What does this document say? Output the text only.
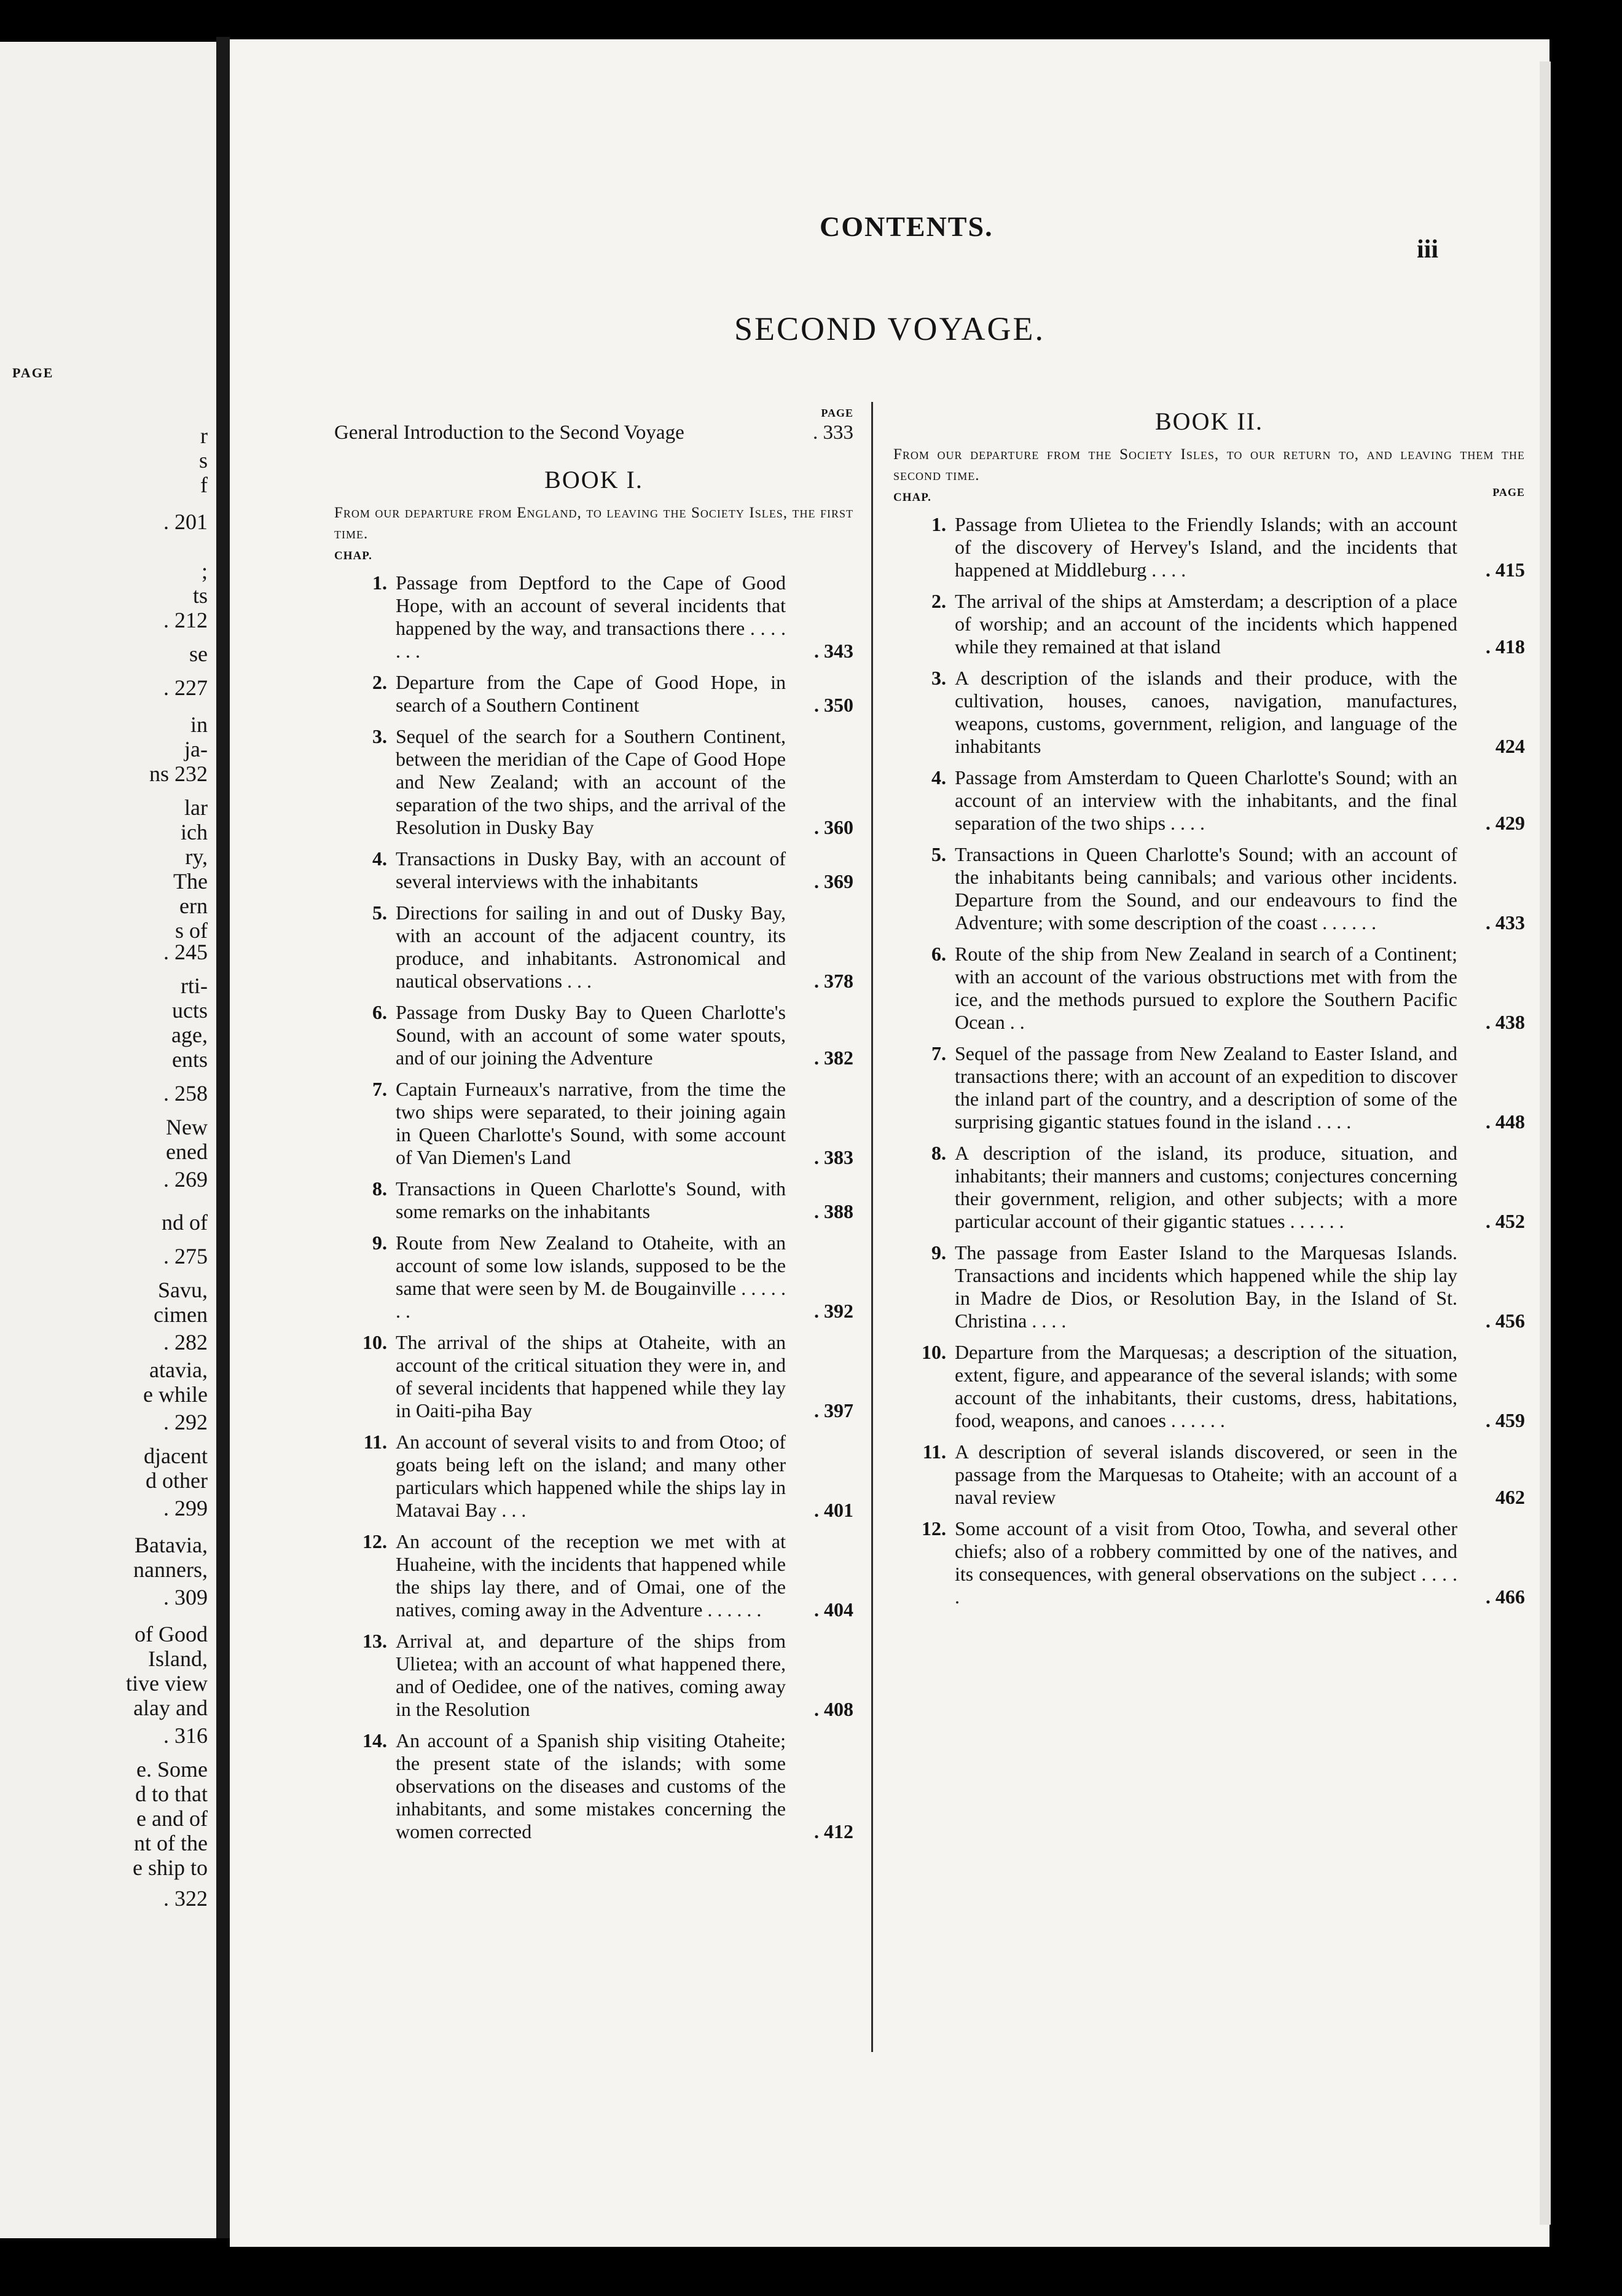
PAGE
r
s
f
. 201
;
ts
. 212
se
. 227
in
ja-
ns 232
lar
ich
ry,
The
ern
s of
. 245
rti-
ucts
age,
ents
. 258
New
ened
. 269
nd of
. 275
Savu,
cimen
. 282
atavia,
e while
. 292
djacent
d other
. 299
Batavia,
nanners,
. 309
of Good
Island,
tive view
alay and
. 316
e. Some
d to that
e and of
nt of the
e ship to
. 322
CONTENTS.
iii
SECOND VOYAGE.
PAGE
General Introduction to the Second Voyage	. 333
BOOK I.
From our departure from England, to leaving the Society Isles, the first time.
CHAP.
1. Passage from Deptford to the Cape of Good Hope, with an account of several incidents that happened by the way, and transactions there . . . . . . .	. 343
2. Departure from the Cape of Good Hope, in search of a Southern Continent	. 350
3. Sequel of the search for a Southern Continent, between the meridian of the Cape of Good Hope and New Zealand; with an account of the separation of the two ships, and the arrival of the Resolution in Dusky Bay	. 360
4. Transactions in Dusky Bay, with an account of several interviews with the inhabitants	. 369
5. Directions for sailing in and out of Dusky Bay, with an account of the adjacent country, its produce, and inhabitants. Astronomical and nautical observations . . .	. 378
6. Passage from Dusky Bay to Queen Charlotte's Sound, with an account of some water spouts, and of our joining the Adventure	. 382
7. Captain Furneaux's narrative, from the time the two ships were separated, to their joining again in Queen Charlotte's Sound, with some account of Van Diemen's Land	. 383
8. Transactions in Queen Charlotte's Sound, with some remarks on the inhabitants	. 388
9. Route from New Zealand to Otaheite, with an account of some low islands, supposed to be the same that were seen by M. de Bougainville . . . . . . .	. 392
10. The arrival of the ships at Otaheite, with an account of the critical situation they were in, and of several incidents that happened while they lay in Oaiti-piha Bay	. 397
11. An account of several visits to and from Otoo; of goats being left on the island; and many other particulars which happened while the ships lay in Matavai Bay . . .	. 401
12. An account of the reception we met with at Huaheine, with the incidents that happened while the ships lay there, and of Omai, one of the natives, coming away in the Adventure . . . . . .	. 404
13. Arrival at, and departure of the ships from Ulietea; with an account of what happened there, and of Oedidee, one of the natives, coming away in the Resolution	. 408
14. An account of a Spanish ship visiting Otaheite; the present state of the islands; with some observations on the diseases and customs of the inhabitants, and some mistakes concerning the women corrected	. 412
BOOK II.
From our departure from the Society Isles, to our return to, and leaving them the second time.
CHAP.	PAGE
1. Passage from Ulietea to the Friendly Islands; with an account of the discovery of Hervey's Island, and the incidents that happened at Middleburg . . . .	. 415
2. The arrival of the ships at Amsterdam; a description of a place of worship; and an account of the incidents which happened while they remained at that island	. 418
3. A description of the islands and their produce, with the cultivation, houses, canoes, navigation, manufactures, weapons, customs, government, religion, and language of the inhabitants	424
4. Passage from Amsterdam to Queen Charlotte's Sound; with an account of an interview with the inhabitants, and the final separation of the two ships . . . .	. 429
5. Transactions in Queen Charlotte's Sound; with an account of the inhabitants being cannibals; and various other incidents. Departure from the Sound, and our endeavours to find the Adventure; with some description of the coast . . . . . .	. 433
6. Route of the ship from New Zealand in search of a Continent; with an account of the various obstructions met with from the ice, and the methods pursued to explore the Southern Pacific Ocean . .	. 438
7. Sequel of the passage from New Zealand to Easter Island, and transactions there; with an account of an expedition to discover the inland part of the country, and a description of some of the surprising gigantic statues found in the island . . . .	. 448
8. A description of the island, its produce, situation, and inhabitants; their manners and customs; conjectures concerning their government, religion, and other subjects; with a more particular account of their gigantic statues . . . . . .	. 452
9. The passage from Easter Island to the Marquesas Islands. Transactions and incidents which happened while the ship lay in Madre de Dios, or Resolution Bay, in the Island of St. Christina . . . .	. 456
10. Departure from the Marquesas; a description of the situation, extent, figure, and appearance of the several islands; with some account of the inhabitants, their customs, dress, habitations, food, weapons, and canoes . . . . . .	. 459
11. A description of several islands discovered, or seen in the passage from the Marquesas to Otaheite; with an account of a naval review	462
12. Some account of a visit from Otoo, Towha, and several other chiefs; also of a robbery committed by one of the natives, and its consequences, with general observations on the subject . . . . .	. 466
